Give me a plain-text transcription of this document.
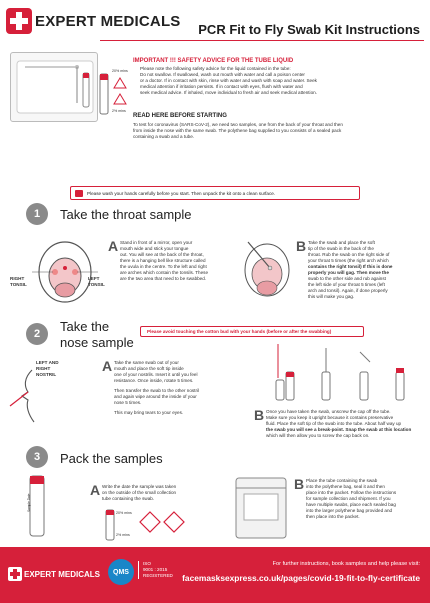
EXPERT MEDICALS PCR Fit to Fly Swab Kit Instructions
20% mins
2% mins
IMPORTANT !!! SAFETY ADVICE FOR THE TUBE LIQUID
Please note the following safety advice for the liquid contained in the tube:
Do not swallow. If swallowed, wash out mouth with water and call a poison center
or a doctor. If in contact with skin, rinse with water and wash with soap and water. Seek
medical attention if irritation persists. If in contact with eyes, flush with water and
seek medical advice. If inhaled, move individual to fresh air and seek medical attention.
READ HERE BEFORE STARTING
To test for coronavirus (SARS-CoV-2), we need two samples, one from the back of your throat and then
from inside the nose with the same swab. The polythene bag supplied to you consists of a sealed pack
containing a swab and a tube.
Please wash your hands carefully before you start. Then unpack the kit onto a clean surface.
1	Take the throat sample
RIGHT
TONSIL
LEFT
TONSIL
A Stand in front of a mirror, open your
mouth wide and stick your tongue
out. You will see at the back of the throat,
there is a hanging bell like structure called
the uvula in the centre. To the left and right
are arches which contain the tonsils. These
are the two area that need to be swabbed.
B Take the swab and place the soft
tip of the swab in the back of the
throat. Rub the swab on the right side of
your throat 5 times (the right arch which
contains the right tonsil) If this is done
properly you will gag. Then move the
swab to the other side and rub against
the left side of your throat 5 times (left
arch and tonsil). Again, if done properly
this will make you gag.
2	Take the
nose sample
Please avoid touching the cotton bud with your hands (before or after the swabbing)
LEFT AND
RIGHT
NOSTRIL
A Take the same swab out of your
mouth and place the soft tip inside
one of your nostrils. Insert it until you feel
resistance. Once inside, rotate 5 times.
Then transfer the swab to the other nostril
and again wipe around the inside of your
nose 5 times.
This may bring tears to your eyes.	B Once you have taken the swab, unscrew the cap off the tube.
Make sure you keep it upright because it contains preservative
fluid. Place the soft tip of the swab into the tube. About half way up
the swab you will see a break-point. Snap the swab at this location
which will then allow you to screw the cap back on.
3	Pack the samples
Sample Date
A Write the date the sample was taken
on the outside of the small collection
tube containing the swab.
20% mins
2% mins
B Place the tube containing the swab
into the polythene bag, seal it and then
place into the packet. Follow the instructions
for sample collection and shipment. If you
have multiple swabs, place each sealed bag
into the larger polythene bag provided and
then place into the packet.
EXPERT MEDICALS	QMS
ISO
9001 : 2015
REGISTERED
For further instructions, book samples and help please visit:
facemasksexpress.co.uk/pages/covid-19-fit-to-fly-certificate
